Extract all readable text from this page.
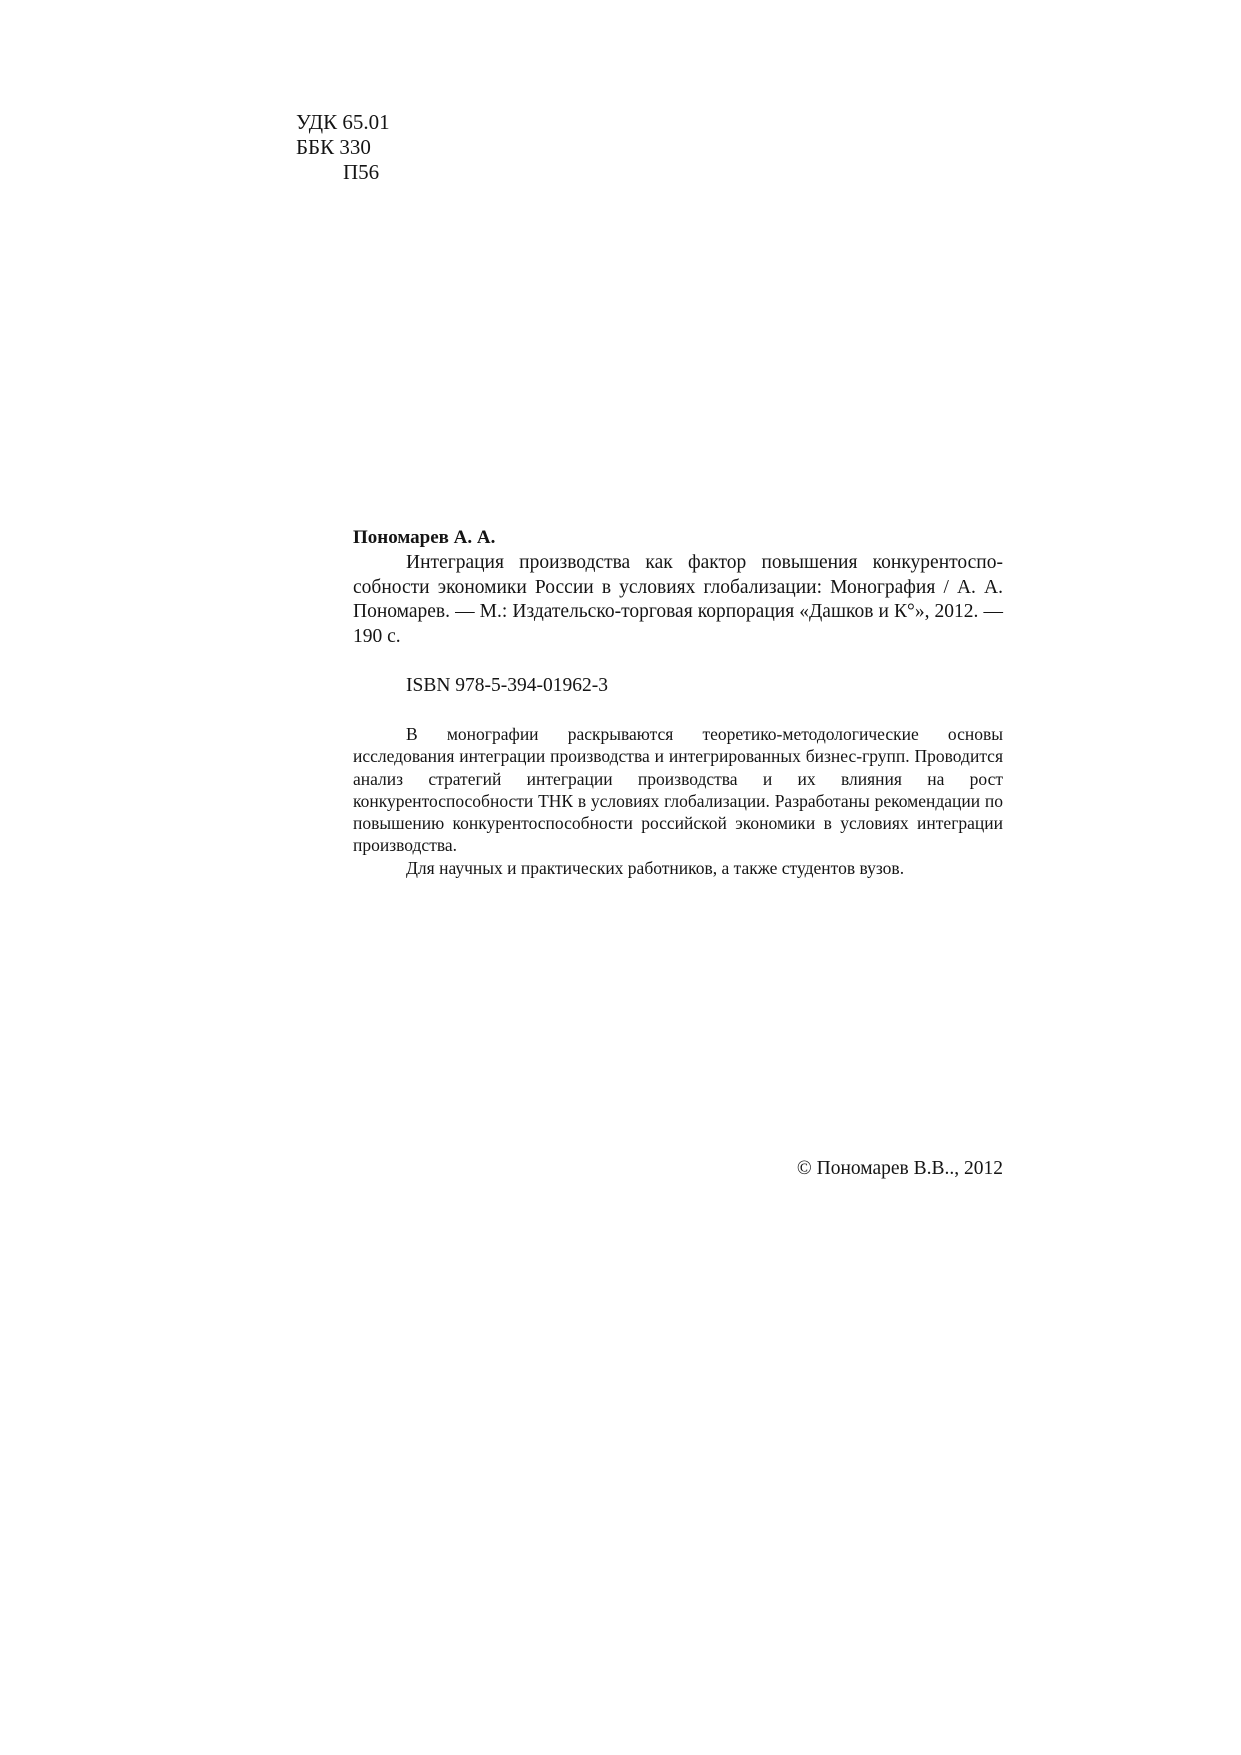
УДК 65.01
ББК 330
П56
Пономарев А. А.

Интеграция производства как фактор повышения конкурентоспособности экономики России в условиях глобализации: Монография / А. А. Пономарев. — М.: Издательско-торговая корпорация «Дашков и К°», 2012. — 190 с.

ISBN 978-5-394-01962-3

В монографии раскрываются теоретико-методологические основы исследования интеграции производства и интегрированных бизнес-групп. Проводится анализ стратегий интеграции производства и их влияния на рост конкурентоспособности ТНК в условиях глобализации. Разработаны рекомендации по повышению конкурентоспособности российской экономики в условиях интеграции производства.

Для научных и практических работников, а также студентов вузов.

© Пономарев В.В.., 2012
